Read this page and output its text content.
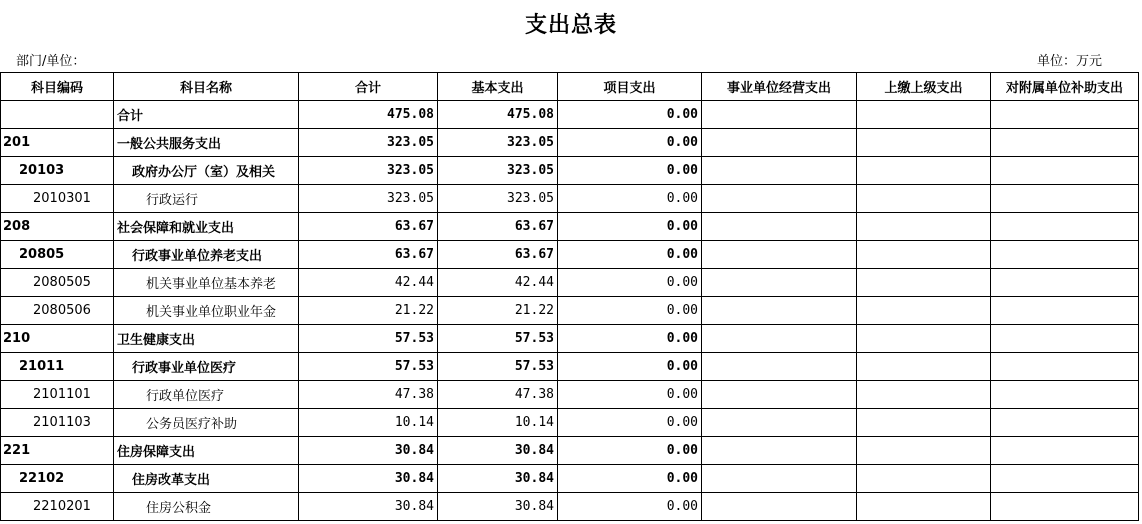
支出总表
部门/单位：	单位：万元
科目编码	科目名称	合计	基本支出	项目支出	事业单位经营支出	上缴上级支出	对附属单位补助支出
	合计	475.08	475.08	0.00			
201	一般公共服务支出	323.05	323.05	0.00			
20103	政府办公厅（室）及相关	323.05	323.05	0.00			
2010301	行政运行	323.05	323.05	0.00			
208	社会保障和就业支出	63.67	63.67	0.00			
20805	行政事业单位养老支出	63.67	63.67	0.00			
2080505	机关事业单位基本养老	42.44	42.44	0.00			
2080506	机关事业单位职业年金	21.22	21.22	0.00			
210	卫生健康支出	57.53	57.53	0.00			
21011	行政事业单位医疗	57.53	57.53	0.00			
2101101	行政单位医疗	47.38	47.38	0.00			
2101103	公务员医疗补助	10.14	10.14	0.00			
221	住房保障支出	30.84	30.84	0.00			
22102	住房改革支出	30.84	30.84	0.00			
2210201	住房公积金	30.84	30.84	0.00			
